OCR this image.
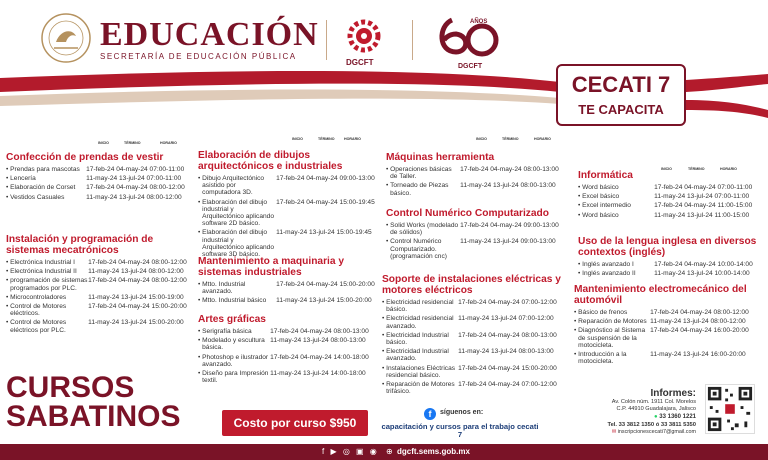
EDUCACIÓN
SECRETARÍA DE EDUCACIÓN PÚBLICA
DGCFT
AÑOS
DGCFT
CECATI 7
TE CAPACITA
INICIO	TÉRMINO	HORARIO
INICIO	TÉRMINO	HORARIO	INICIO	TÉRMINO	HORARIO
INICIO	TÉRMINO	HORARIO
Confección de prendas de vestir
• Prendas para mascotas 17-feb-24 04-may-24 07:00-11:00
• Lencería	11-may-24 13-jul-24 07:00-11:00
• Elaboración de Corset 17-feb-24 04-may-24 08:00-12:00
• Vestidos Casuales	11-may-24 13-jul-24 08:00-12:00
Instalación y programación de sistemas mecatrónicos
• Electrónica Industrial I 17-feb-24 04-may-24 08:00-12:00
• Electrónica Industrial II 11-may-24 13-jul-24 08:00-12:00
• programación de sistemas programados por PLC.17-feb-24 04-may-24 08:00-12:00
• Microcontroladores	11-may-24 13-jul-24 15:00-19:00
• Control de Motores eléctricos.17-feb-24 04-may-24 15:00-20:00
• Control de Motores eléctricos por PLC.11-may-24 13-jul-24 15:00-20:00
Elaboración de dibujos arquitectónicos e industriales
• Dibujo Arquitectónico asistido por computadora 3D.17-feb-24 04-may-24 09:00-13:00
• Elaboración del dibujo industrial y Arquitectónico aplicando software 2D básico.17-feb-24 04-may-24 15:00-19:45
• Elaboración del dibujo industrial y Arquitectónico aplicando software 3D básico.11-may-24 13-jul-24 15:00-19:45
Mantenimiento a maquinaria y sistemas industriales
• Mtto. Industrial avanzado.17-feb-24 04-may-24 15:00-20:00
• Mtto. Industrial básico 11-may-24 13-jul-24 15:00-20:00
Artes gráficas
• Serigrafía básica	17-feb-24 04-may-24 08:00-13:00
• Modelado y escultura básica.11-may-24 13-jul-24 08:00-13:00
• Photoshop e ilustrador avanzado.17-feb-24 04-may-24 14:00-18:00
• Diseño para Impresión textil.11-may-24 13-jul-24 14:00-18:00
Máquinas herramienta
• Operaciones básicas de Taller.17-feb-24 04-may-24 08:00-13:00
• Torneado de Piezas básico.11-may-24 13-jul-24 08:00-13:00
Control Numérico Computarizado
• Solid Works (modelado de sólidos)17-feb-24 04-may-24 09:00-13:00
• Control Numérico Computarizado. (programación cnc)11-may-24 13-jul-24 09:00-13:00
Soporte de instalaciones eléctricas y motores eléctricos
• Electricidad residencial básico.17-feb-24 04-may-24 07:00-12:00
• Electricidad residencial avanzado.11-may-24 13-jul-24 07:00-12:00
• Electricidad Industrial básico.17-feb-24 04-may-24 08:00-13:00
• Electricidad Industrial avanzado.11-may-24 13-jul-24 08:00-13:00
• Instalaciones Eléctricas residencial básico.17-feb-24 04-may-24 15:00-20:00
• Reparación de Motores trifásico.17-feb-24 04-may-24 07:00-12:00
Informática
• Word básico	17-feb-24 04-may-24 07:00-11:00
• Excel básico	11-may-24 13-jul-24 07:00-11:00
• Excel intermedio	17-feb-24 04-may-24 11:00-15:00
• Word básico	11-may-24 13-jul-24 11:00-15:00
Uso de la lengua inglesa en diversos contextos (inglés)
• Inglés avanzado I	17-feb-24 04-may-24 10:00-14:00
• Inglés avanzado II	11-may-24 13-jul-24 10:00-14:00
Mantenimiento electromecánico del automóvil
• Básico de frenos	17-feb-24 04-may-24 08:00-12:00
• Reparación de Motores 11-may-24 13-jul-24 08:00-12:00
• Diagnóstico al Sistema de suspensión de la motocicleta.17-feb-24 04-may-24 16:00-20:00
• Introducción a la motocicleta.11-may-24 13-jul-24 16:00-20:00
CURSOS
SABATINOS	Costo por curso $950
f	síguenos en:
capacitación y cursos para el trabajo cecati 7
Informes:
Av. Colón núm. 1911 Col. Morelos
C.P. 44910 Guadalajara, Jalisco
● 33 1360 1221
Tel. 33 3812 1350 ó 33 3811 5350
✉ inscripcionescecati7@gmail.com
f ▶ ◎ ▣ ◉ ⊕ dgcft.sems.gob.mx
